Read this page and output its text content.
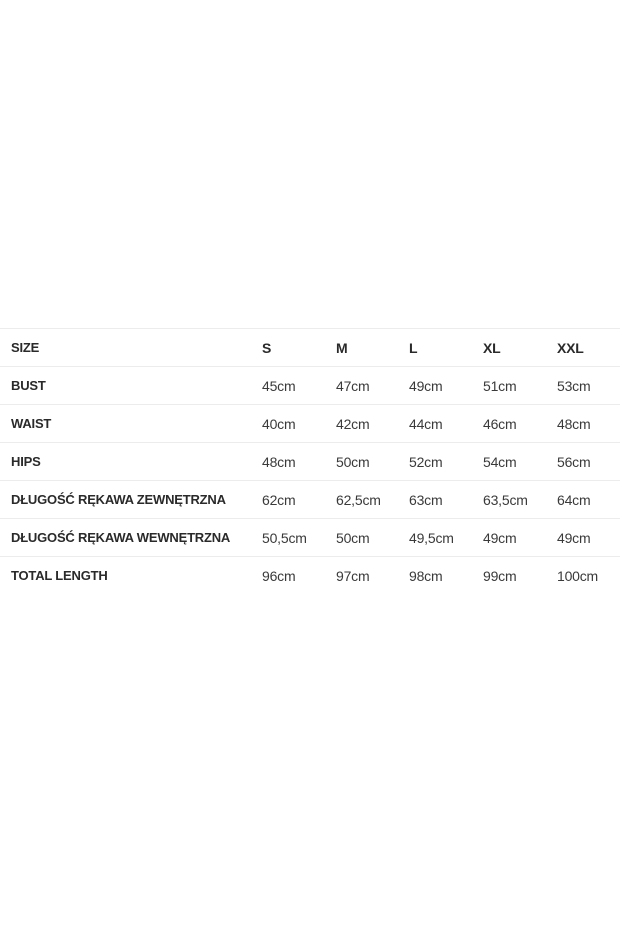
SIZE	S	M	L	XL	XXL
BUST	45cm	47cm	49cm	51cm	53cm
WAIST	40cm	42cm	44cm	46cm	48cm
HIPS	48cm	50cm	52cm	54cm	56cm
DŁUGOŚĆ RĘKAWA ZEWNĘTRZNA	62cm	62,5cm	63cm	63,5cm	64cm
DŁUGOŚĆ RĘKAWA WEWNĘTRZNA	50,5cm	50cm	49,5cm	49cm	49cm
TOTAL LENGTH	96cm	97cm	98cm	99cm	100cm
